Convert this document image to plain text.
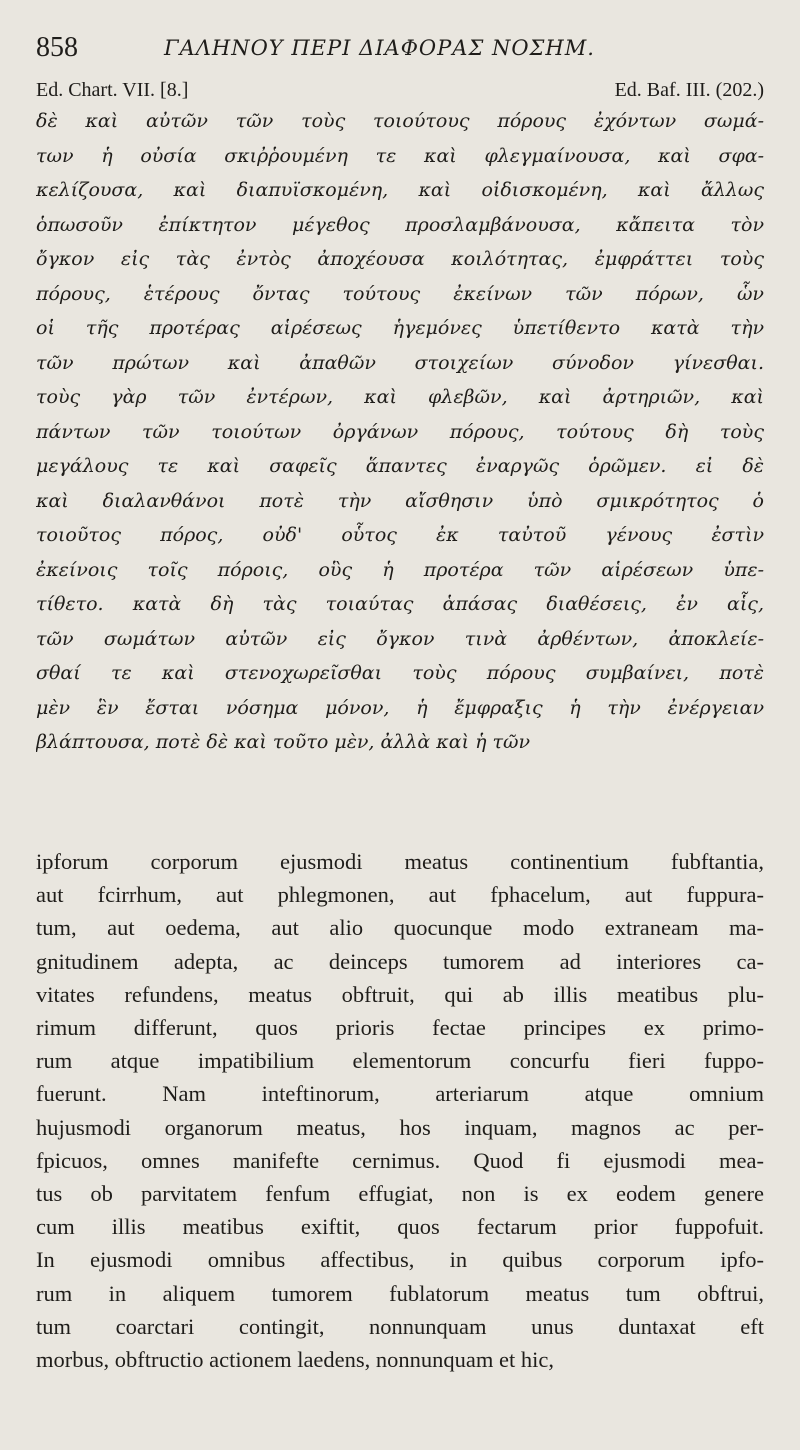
858	ΓΑΛΗΝΟΥ ΠΕΡΙ ΔΙΑΦΟΡΑΣ ΝΟΣΗΜ.
Ed. Chart. VII. [8.]	Ed. Baf. III. (202.)
δὲ καὶ αὐτῶν τῶν τοὺς τοιούτους πόρους ἐχόντων σωμά-
των ἡ οὐσία σκιῤῥουμένη τε καὶ φλεγμαίνουσα, καὶ σφα-
κελίζουσα, καὶ διαπυϊσκομένη, καὶ οἰδισκομένη, καὶ ἄλλως
ὁπωσοῦν ἐπίκτητον μέγεθος προσλαμβάνουσα, κἄπειτα τὸν
ὄγκον εἰς τὰς ἐντὸς ἀποχέουσα κοιλότητας, ἐμφράττει τοὺς
πόρους, ἑτέρους ὄντας τούτους ἐκείνων τῶν πόρων, ὧν
οἱ τῆς προτέρας αἱρέσεως ἡγεμόνες ὑπετίθεντο κατὰ τὴν
τῶν πρώτων καὶ ἀπαθῶν στοιχείων σύνοδον γίνεσθαι.
τοὺς γὰρ τῶν ἐντέρων, καὶ φλεβῶν, καὶ ἀρτηριῶν, καὶ
πάντων τῶν τοιούτων ὀργάνων πόρους, τούτους δὴ τοὺς
μεγάλους τε καὶ σαφεῖς ἅπαντες ἐναργῶς ὁρῶμεν. εἰ δὲ
καὶ διαλανθάνοι ποτὲ τὴν αἴσθησιν ὑπὸ σμικρότητος ὁ
τοιοῦτος πόρος, οὐδ' οὗτος ἐκ ταὐτοῦ γένους ἐστὶν
ἐκείνοις τοῖς πόροις, οὓς ἡ προτέρα τῶν αἱρέσεων ὑπε-
τίθετο. κατὰ δὴ τὰς τοιαύτας ἁπάσας διαθέσεις, ἐν αἷς,
τῶν σωμάτων αὐτῶν εἰς ὄγκον τινὰ ἀρθέντων, ἀποκλείε-
σθαί τε καὶ στενοχωρεῖσθαι τοὺς πόρους συμβαίνει, ποτὲ
μὲν ἓν ἔσται νόσημα μόνον, ἡ ἔμφραξις ἡ τὴν ἐνέργειαν
βλάπτουσα, ποτὲ δὲ καὶ τοῦτο μὲν, ἀλλὰ καὶ ἡ τῶν
ipforum corporum ejusmodi meatus continentium fubftantia,
aut fcirrhum, aut phlegmonen, aut fphacelum, aut fuppura-
tum, aut oedema, aut alio quocunque modo extraneam ma-
gnitudinem adepta, ac deinceps tumorem ad interiores ca-
vitates refundens, meatus obftruit, qui ab illis meatibus plu-
rimum differunt, quos prioris fectae principes ex primo-
rum atque impatibilium elementorum concurfu fieri fuppo-
fuerunt. Nam inteftinorum, arteriarum atque omnium
hujusmodi organorum meatus, hos inquam, magnos ac per-
fpicuos, omnes manifefte cernimus. Quod fi ejusmodi mea-
tus ob parvitatem fenfum effugiat, non is ex eodem genere
cum illis meatibus exiftit, quos fectarum prior fuppofuit.
In ejusmodi omnibus affectibus, in quibus corporum ipfo-
rum in aliquem tumorem fublatorum meatus tum obftrui,
tum coarctari contingit, nonnunquam unus duntaxat eft
morbus, obftructio actionem laedens, nonnunquam et hic,
